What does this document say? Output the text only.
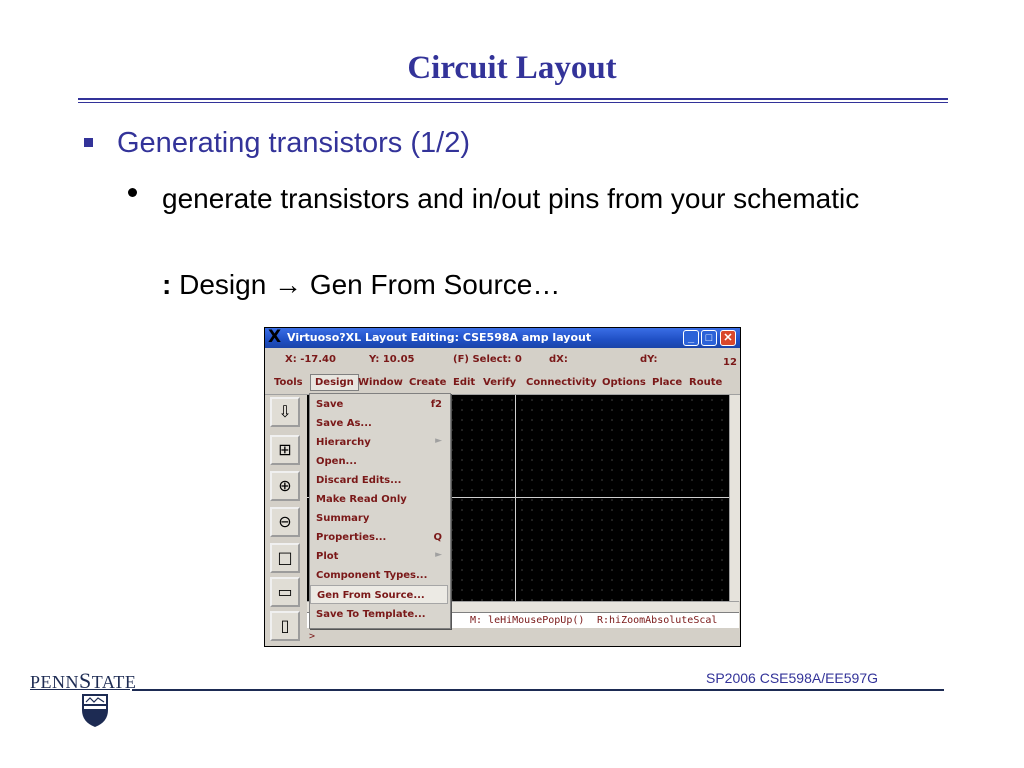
Circuit Layout
Generating transistors (1/2)
generate transistors and in/out pins from your schematic
: Design → Gen From Source…
X Virtuoso?XL Layout Editing: CSE598A amp layout	_	□	✕
X: -17.40	Y: 10.05	(F) Select: 0	dX:	dY:	12
Tools	Design Window Create Edit Verify Connectivity Options Place Route
⇩
⊞
⊕
⊖
□
▭
▯	M: leHiMousePopUp() R:hiZoomAbsoluteScal
>
Save	f2
Save As...
Hierarchy	►
Open...
Discard Edits...
Make Read Only
Summary
Properties...	Q
Plot	►
Component Types...
Gen From Source...
Save To Template...
PENNSTATE	SP2006 CSE598A/EE597G
